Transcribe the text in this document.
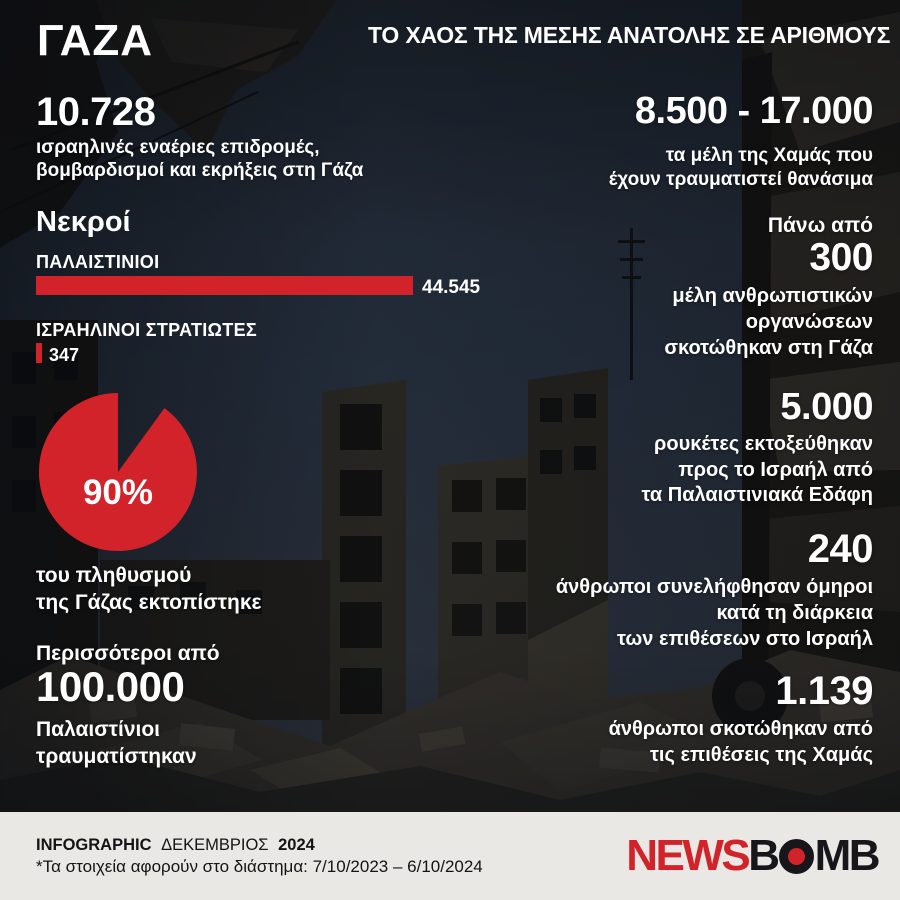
ΓΑΖΑ	ΤΟ ΧΑΟΣ ΤΗΣ ΜΕΣΗΣ ΑΝΑΤΟΛΗΣ ΣΕ ΑΡΙΘΜΟΥΣ
10.728
ισραηλινές εναέριες επιδρομές,
βομβαρδισμοί και εκρήξεις στη Γάζα
Νεκροί
ΠΑΛΑΙΣΤΙΝΙΟΙ
44.545
ΙΣΡΑΗΛΙΝΟΙ ΣΤΡΑΤΙΩΤΕΣ
347
90%
του πληθυσμού
της Γάζας εκτοπίστηκε
Περισσότεροι από
100.000
Παλαιστίνιοι
τραυματίστηκαν
8.500 - 17.000
τα μέλη της Χαμάς που
έχουν τραυματιστεί θανάσιμα
Πάνω από
300
μέλη ανθρωπιστικών
οργανώσεων
σκοτώθηκαν στη Γάζα
5.000
ρουκέτες εκτοξεύθηκαν
προς το Ισραήλ από
τα Παλαιστινιακά Εδάφη
240
άνθρωποι συνελήφθησαν όμηροι
κατά τη διάρκεια
των επιθέσεων στο Ισραήλ
1.139
άνθρωποι σκοτώθηκαν από
τις επιθέσεις της Χαμάς
INFOGRAPHIC ΔΕΚΕΜΒΡΙΟΣ 2024
*Τα στοιχεία αφορούν στο διάστημα: 7/10/2023 – 6/10/2024	NEWS B MB
